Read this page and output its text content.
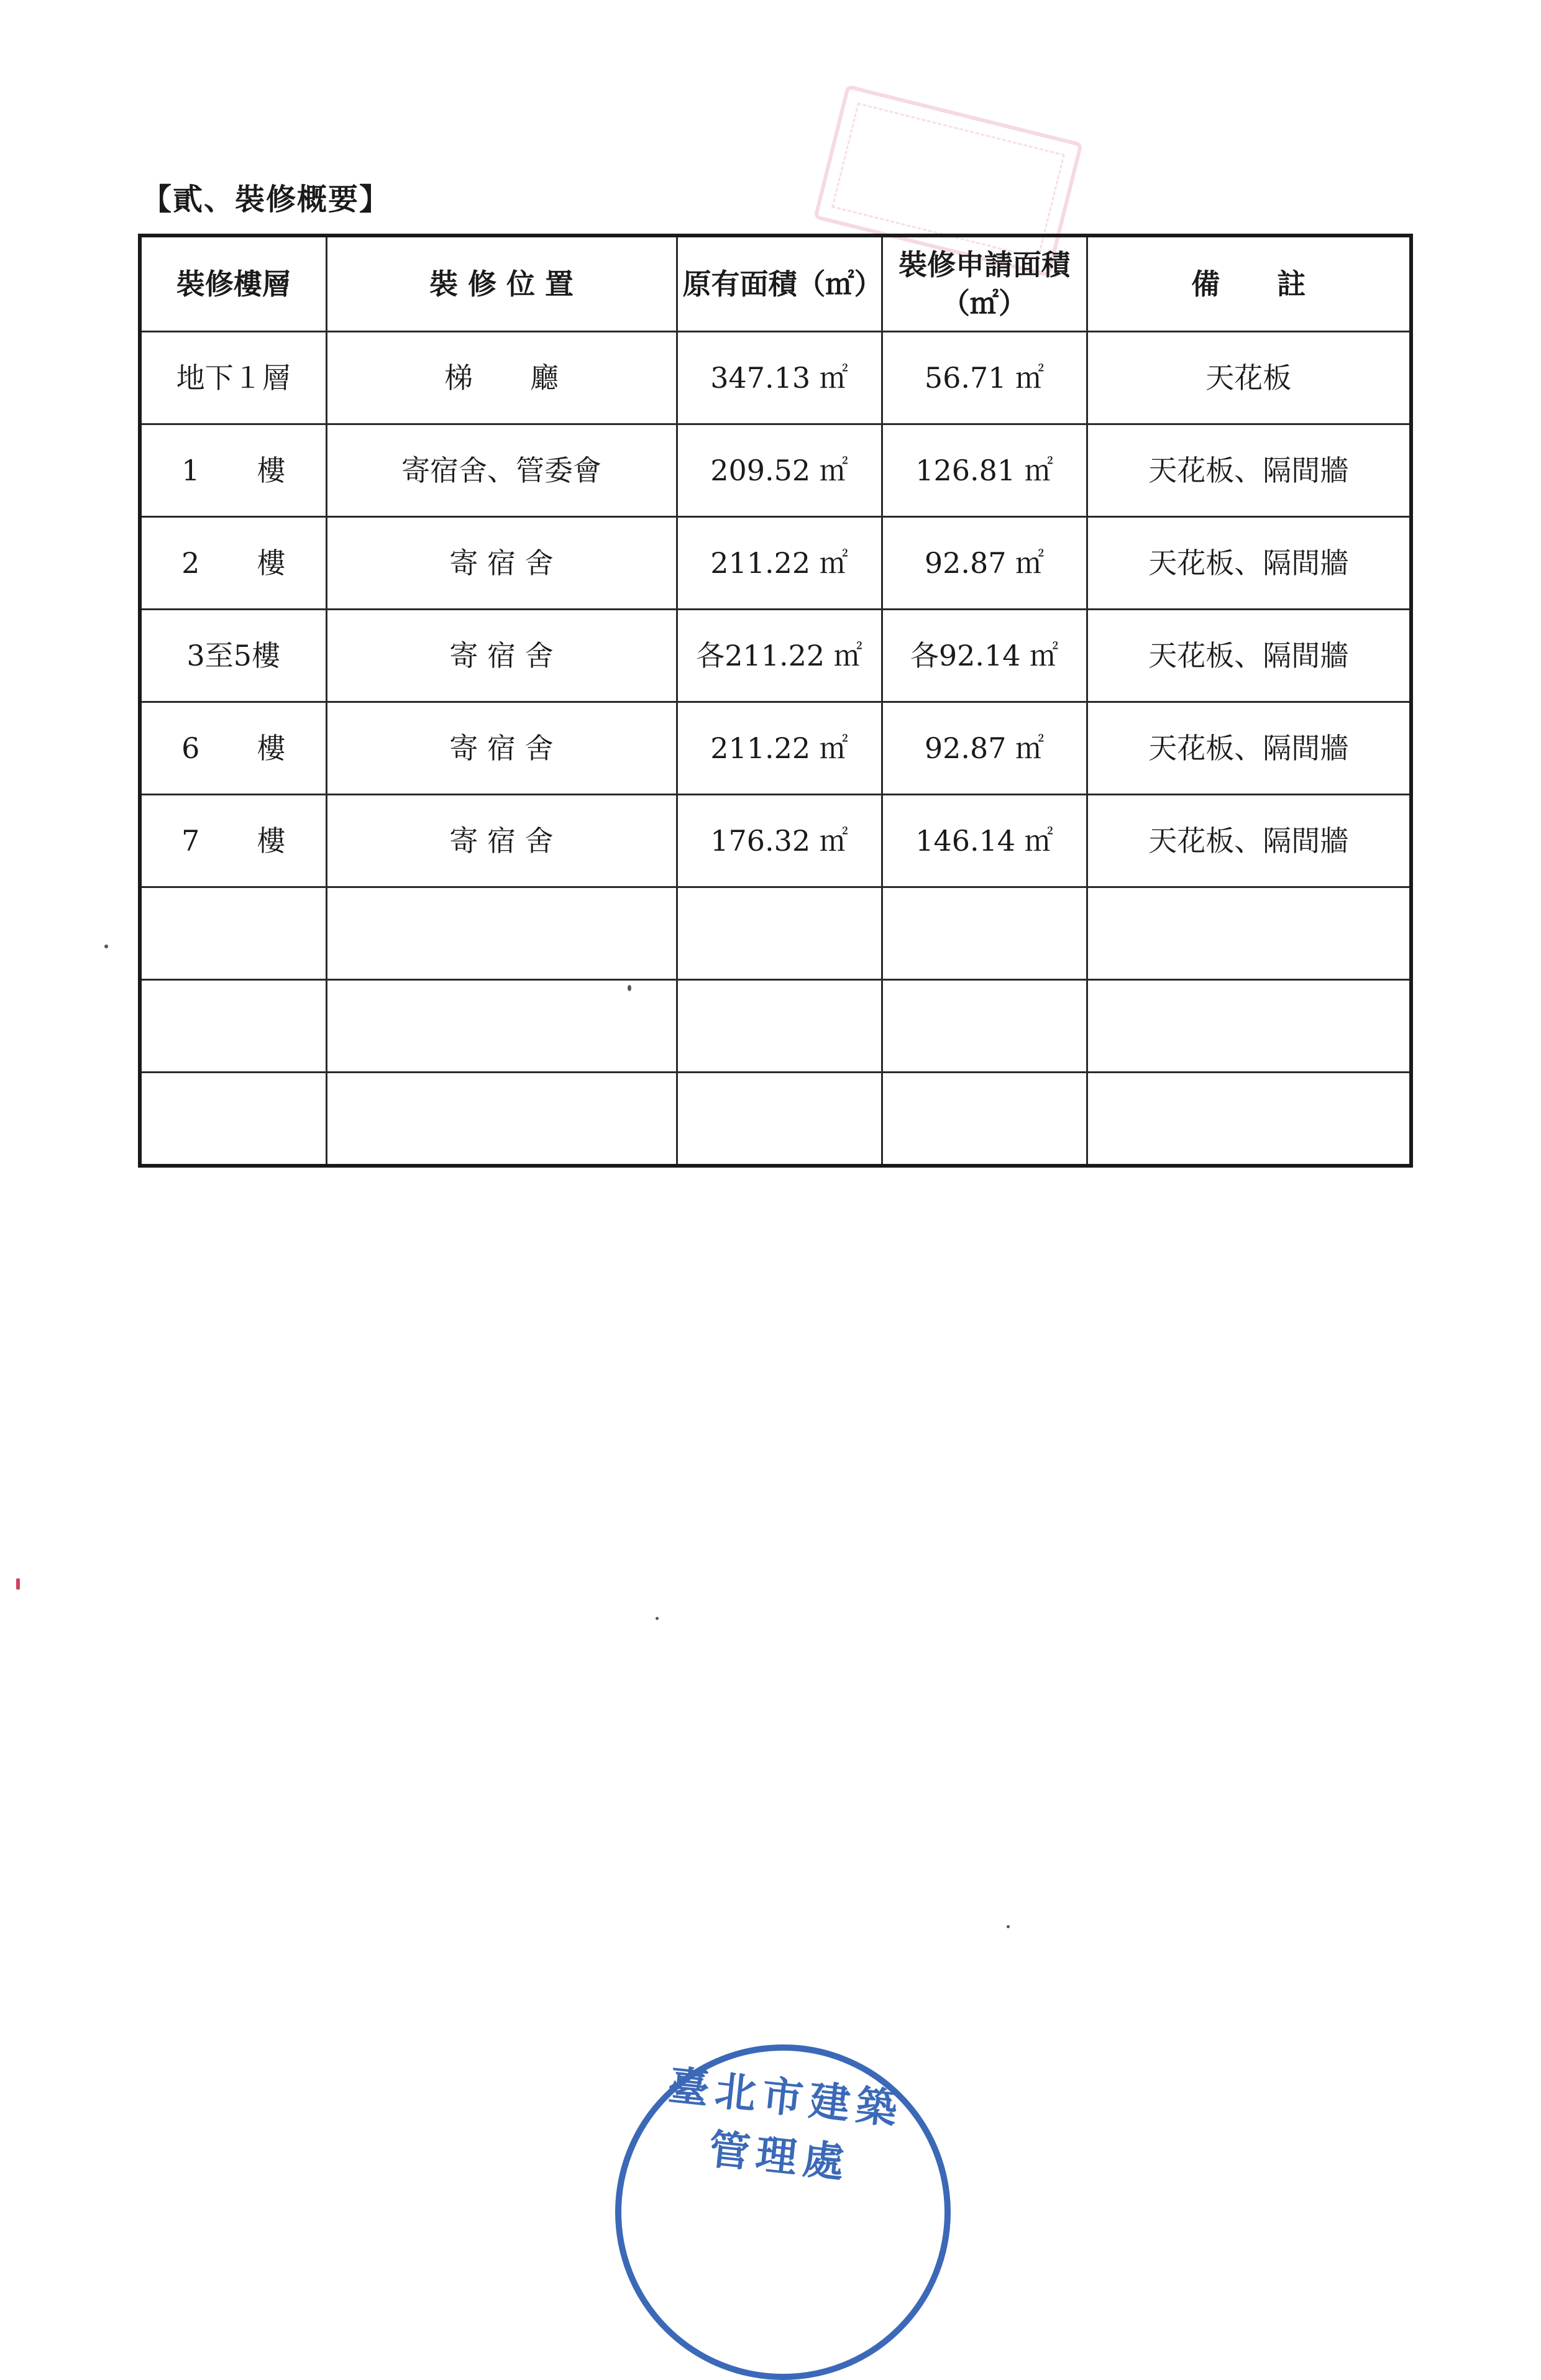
【貳、裝修概要】
裝修樓層	裝 修 位 置	原有面積（㎡）	裝修申請面積（㎡）	備　　註
地下１層	梯　　廳	347.13 ㎡	56.71 ㎡	天花板
1　　樓	寄宿舍、管委會	209.52 ㎡	126.81 ㎡	天花板、隔間牆
2　　樓	寄 宿 舍	211.22 ㎡	92.87 ㎡	天花板、隔間牆
3至5樓	寄 宿 舍	各211.22 ㎡	各92.14 ㎡	天花板、隔間牆
6　　樓	寄 宿 舍	211.22 ㎡	92.87 ㎡	天花板、隔間牆
7　　樓	寄 宿 舍	176.32 ㎡	146.14 ㎡	天花板、隔間牆

臺北市建築管理處
